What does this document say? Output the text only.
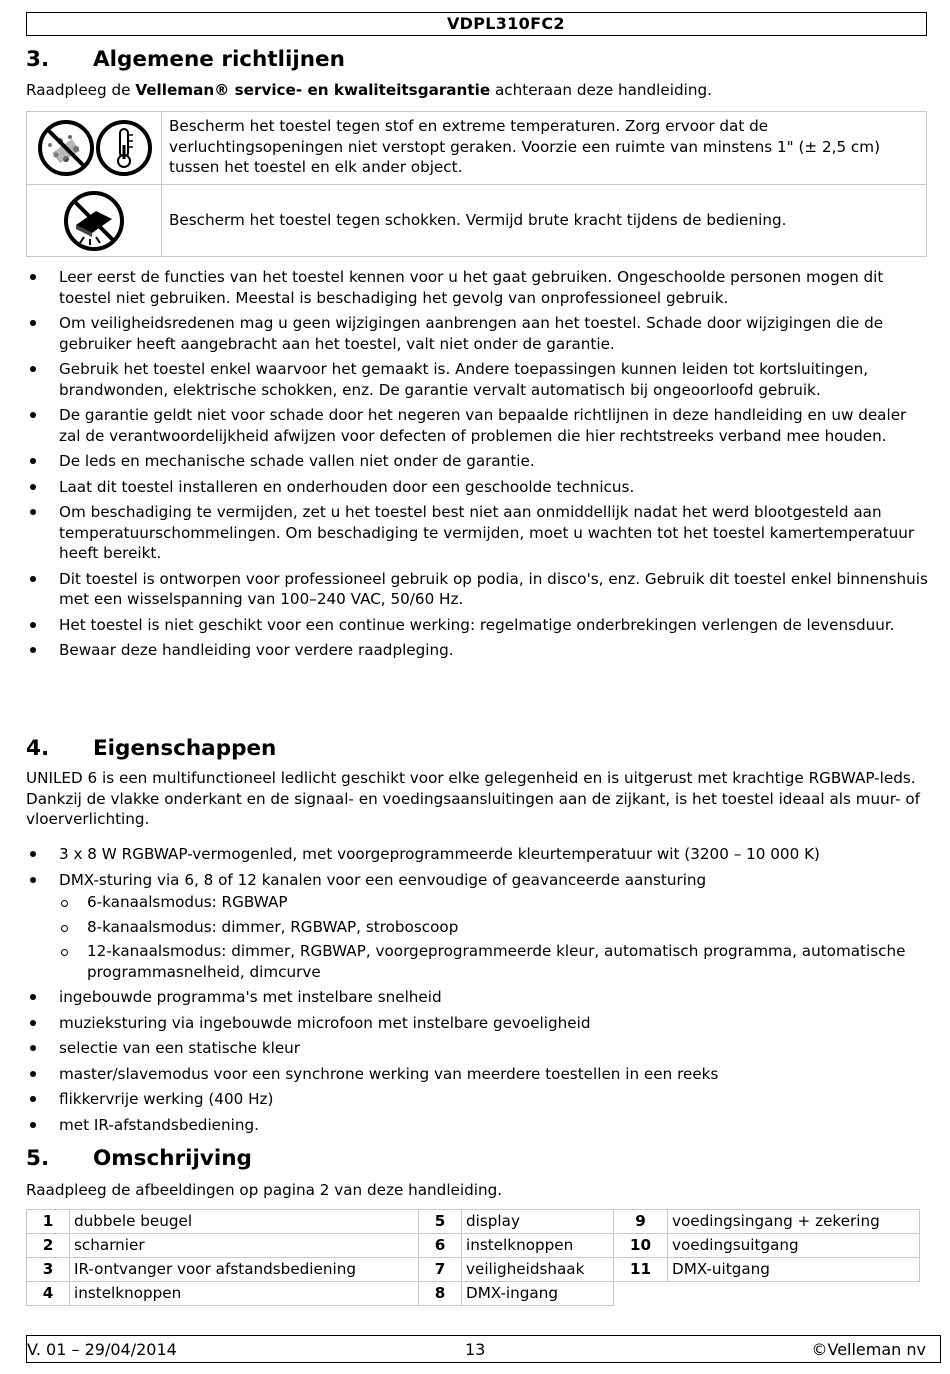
VDPL310FC2
3. Algemene richtlijnen
Raadpleeg de Velleman® service- en kwaliteitsgarantie achteraan deze handleiding.
	Bescherm het toestel tegen stof en extreme temperaturen. Zorg ervoor dat de verluchtingsopeningen niet verstopt geraken. Voorzie een ruimte van minstens 1" (± 2,5 cm) tussen het toestel en elk ander object.
	Bescherm het toestel tegen schokken. Vermijd brute kracht tijdens de bediening.
Leer eerst de functies van het toestel kennen voor u het gaat gebruiken. Ongeschoolde personen mogen dit toestel niet gebruiken. Meestal is beschadiging het gevolg van onprofessioneel gebruik.
Om veiligheidsredenen mag u geen wijzigingen aanbrengen aan het toestel. Schade door wijzigingen die de gebruiker heeft aangebracht aan het toestel, valt niet onder de garantie.
Gebruik het toestel enkel waarvoor het gemaakt is. Andere toepassingen kunnen leiden tot kortsluitingen, brandwonden, elektrische schokken, enz. De garantie vervalt automatisch bij ongeoorloofd gebruik.
De garantie geldt niet voor schade door het negeren van bepaalde richtlijnen in deze handleiding en uw dealer zal de verantwoordelijkheid afwijzen voor defecten of problemen die hier rechtstreeks verband mee houden.
De leds en mechanische schade vallen niet onder de garantie.
Laat dit toestel installeren en onderhouden door een geschoolde technicus.
Om beschadiging te vermijden, zet u het toestel best niet aan onmiddellijk nadat het werd blootgesteld aan temperatuurschommelingen. Om beschadiging te vermijden, moet u wachten tot het toestel kamertemperatuur heeft bereikt.
Dit toestel is ontworpen voor professioneel gebruik op podia, in disco's, enz. Gebruik dit toestel enkel binnenshuis met een wisselspanning van 100–240 VAC, 50/60 Hz.
Het toestel is niet geschikt voor een continue werking: regelmatige onderbrekingen verlengen de levensduur.
Bewaar deze handleiding voor verdere raadpleging.
4. Eigenschappen
UNILED 6 is een multifunctioneel ledlicht geschikt voor elke gelegenheid en is uitgerust met krachtige RGBWAP-leds. Dankzij de vlakke onderkant en de signaal- en voedingsaansluitingen aan de zijkant, is het toestel ideaal als muur- of vloerverlichting.
3 x 8 W RGBWAP-vermogenled, met voorgeprogrammeerde kleurtemperatuur wit (3200 – 10 000 K)
DMX-sturing via 6, 8 of 12 kanalen voor een eenvoudige of geavanceerde aansturing
6-kanaalsmodus: RGBWAP
8-kanaalsmodus: dimmer, RGBWAP, stroboscoop
12-kanaalsmodus: dimmer, RGBWAP, voorgeprogrammeerde kleur, automatisch programma, automatische programmasnelheid, dimcurve
ingebouwde programma's met instelbare snelheid
muzieksturing via ingebouwde microfoon met instelbare gevoeligheid
selectie van een statische kleur
master/slavemodus voor een synchrone werking van meerdere toestellen in een reeks
flikkervrije werking (400 Hz)
met IR-afstandsbediening.
5. Omschrijving
Raadpleeg de afbeeldingen op pagina 2 van deze handleiding.
1	dubbele beugel	5	display	9	voedingsingang + zekering
2	scharnier	6	instelknoppen	10	voedingsuitgang
3	IR-ontvanger voor afstandsbediening	7	veiligheidshaak	11	DMX-uitgang
4	instelknoppen	8	DMX-ingang		
V. 01 – 29/04/2014	13	©Velleman nv
